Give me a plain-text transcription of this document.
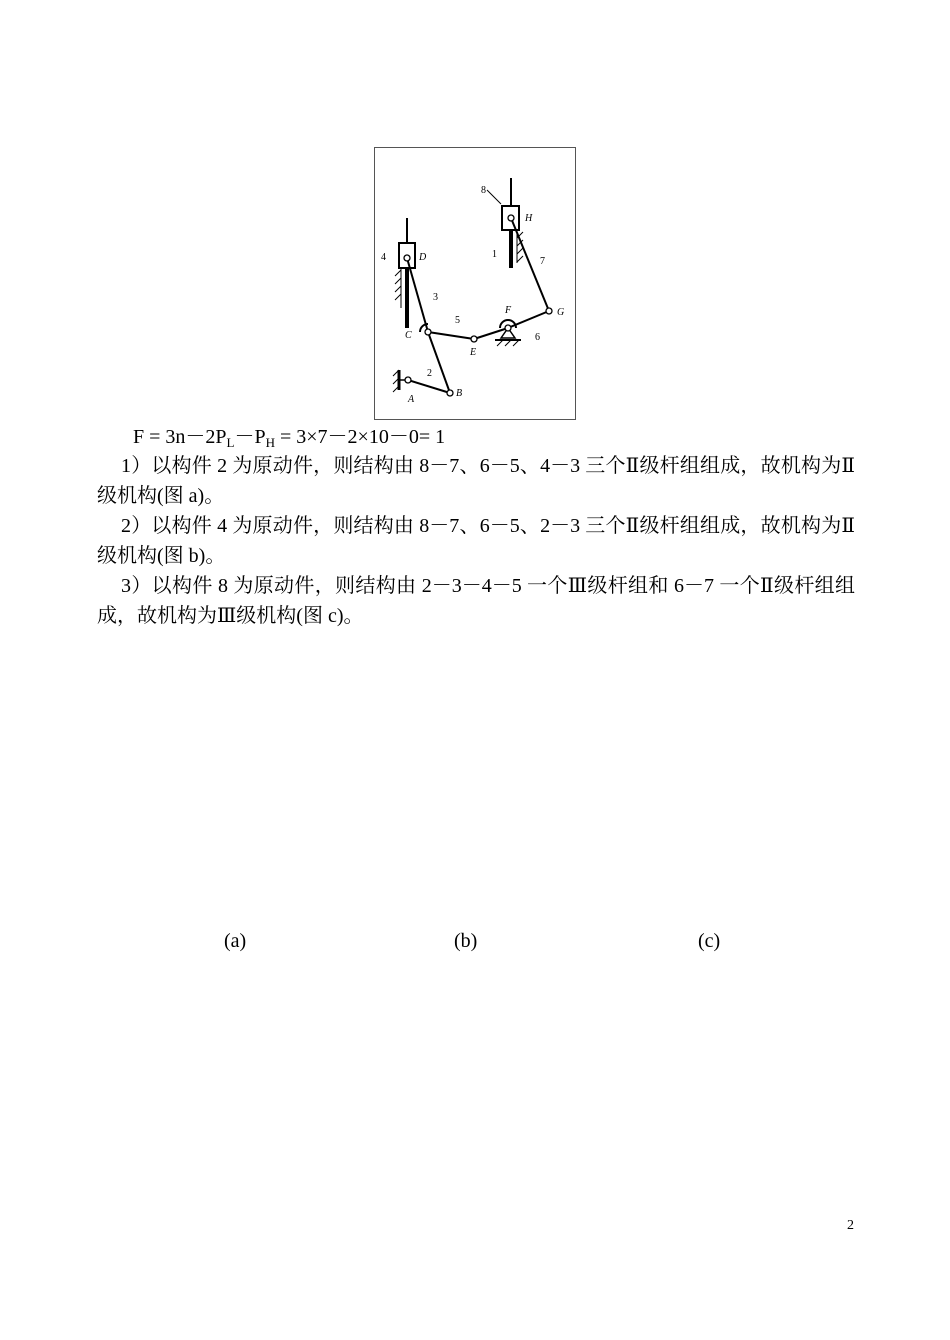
D
H
C
E
F	G
B
A
1
2
3
4
5
6
7
8
$F = 3n-2P_L-P_H = 3\times 7-2\times 10-0= 1$
1）以构件 2 为原动件，则结构由 8－7、6－5、4－3 三个Ⅱ级杆组组成，故机构为Ⅱ级机构(图 a)。
2）以构件 4 为原动件，则结构由 8－7、6－5、2－3 三个Ⅱ级杆组组成，故机构为Ⅱ级机构(图 b)。
3）以构件 8 为原动件，则结构由 2－3－4－5 一个Ⅲ级杆组和 6－7 一个Ⅱ级杆组组成，故机构为Ⅲ级机构(图 c)。
(a)	(b)	(c)
2
